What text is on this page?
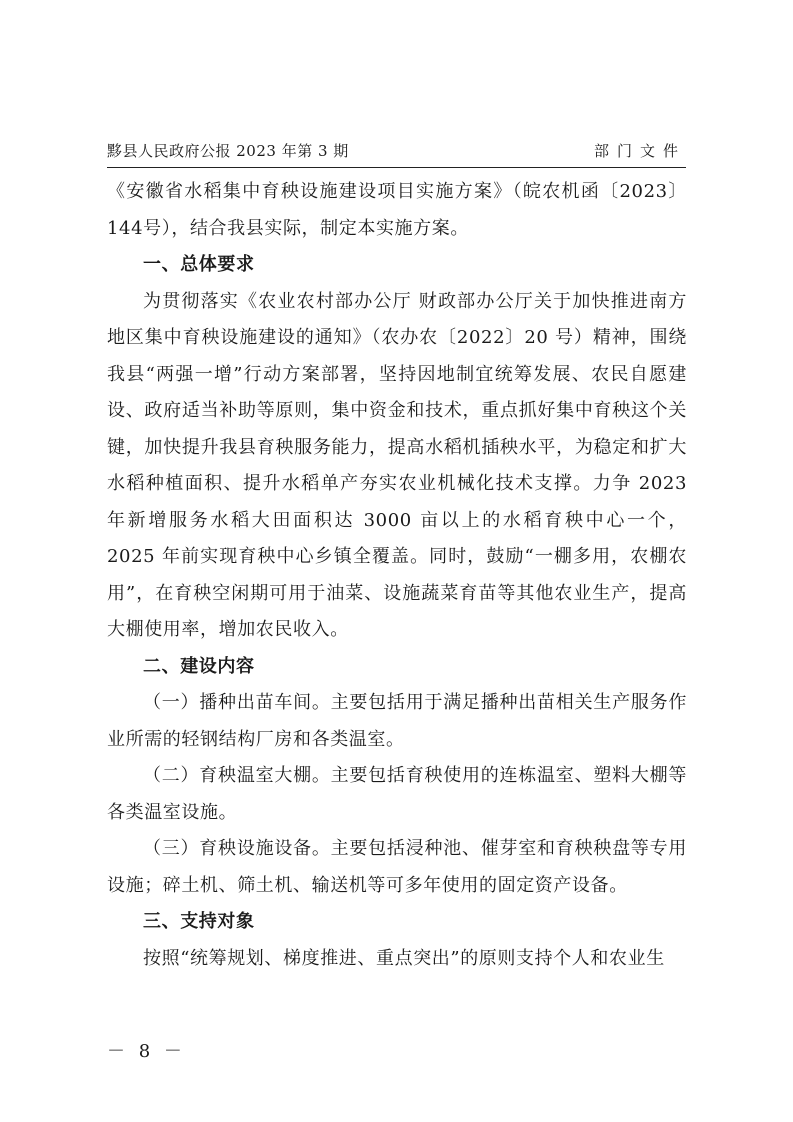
黟县人民政府公报 2023 年第 3 期	部门文件

《安徽省水稻集中育秧设施建设项目实施方案》（皖农机函〔2023〕144号），结合我县实际，制定本实施方案。

一、总体要求

为贯彻落实《农业农村部办公厅 财政部办公厅关于加快推进南方地区集中育秧设施建设的通知》（农办农〔2022〕20 号）精神，围绕我县“两强一增”行动方案部署，坚持因地制宜统筹发展、农民自愿建设、政府适当补助等原则，集中资金和技术，重点抓好集中育秧这个关键，加快提升我县育秧服务能力，提高水稻机插秧水平，为稳定和扩大水稻种植面积、提升水稻单产夯实农业机械化技术支撑。力争 2023 年新增服务水稻大田面积达 3000 亩以上的水稻育秧中心一个， 2025 年前实现育秧中心乡镇全覆盖。同时，鼓励“一棚多用，农棚农用”，在育秧空闲期可用于油菜、设施蔬菜育苗等其他农业生产，提高大棚使用率，增加农民收入。

二、建设内容

（一）播种出苗车间。主要包括用于满足播种出苗相关生产服务作业所需的轻钢结构厂房和各类温室。

（二）育秧温室大棚。主要包括育秧使用的连栋温室、塑料大棚等各类温室设施。

（三）育秧设施设备。主要包括浸种池、催芽室和育秧秧盘等专用设施；碎土机、筛土机、输送机等可多年使用的固定资产设备。

三、支持对象

按照“统筹规划、梯度推进、重点突出”的原则支持个人和农业生

－ 8 －
